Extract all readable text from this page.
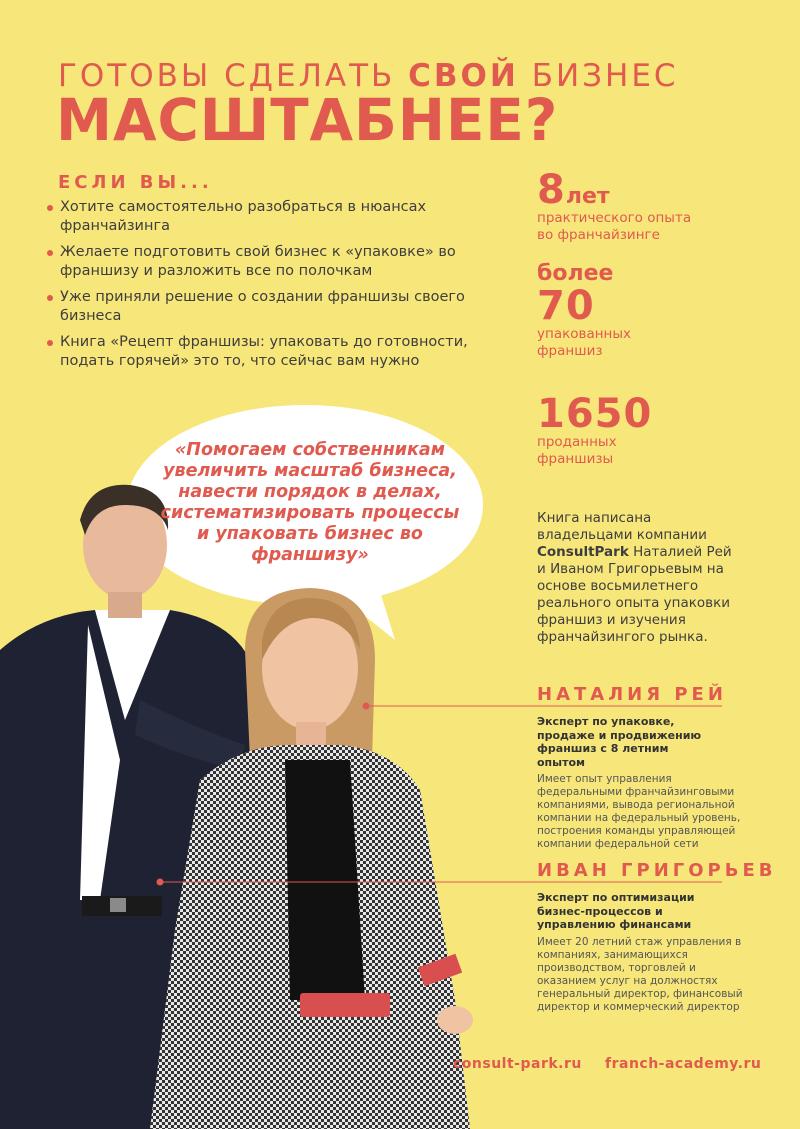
ГОТОВЫ СДЕЛАТЬ СВОЙ БИЗНЕС
МАСШТАБНЕЕ?
ЕСЛИ ВЫ...
Хотите самостоятельно разобраться в нюансах франчайзинга
Желаете подготовить свой бизнес к «упаковке» во франшизу и разложить все по полочкам
Уже приняли решение о создании франшизы своего бизнеса
Книга «Рецепт франшизы: упаковать до готовности, подать горячей» это то, что сейчас вам нужно
8лет
практического опыта
во франчайзинге
более
70
упакованных
франшиз
1650
проданных
франшизы
Книга написана
владельцами компании
ConsultPark Наталией Рей
и Иваном Григорьевым на
основе восьмилетнего
реального опыта упаковки
франшиз и изучения
франчайзингого рынка.
«Помогаем собственникам увеличить масштаб бизнеса, навести порядок в делах, систематизировать процессы и упаковать бизнес во франшизу»
НАТАЛИЯ РЕЙ
Эксперт по упаковке, продаже и продвижению франшиз с 8 летним опытом
Имеет опыт управления федеральными франчайзинговыми компаниями, вывода региональной компании на федеральный уровень, построения команды управляющей компании федеральной сети
ИВАН ГРИГОРЬЕВ
Эксперт по оптимизации бизнес-процессов и управлению финансами
Имеет 20 летний стаж управления в компаниях, занимающихся производством, торговлей и оказанием услуг на должностях генеральный директор, финансовый директор и коммерческий директор
consult-park.ru franch-academy.ru
